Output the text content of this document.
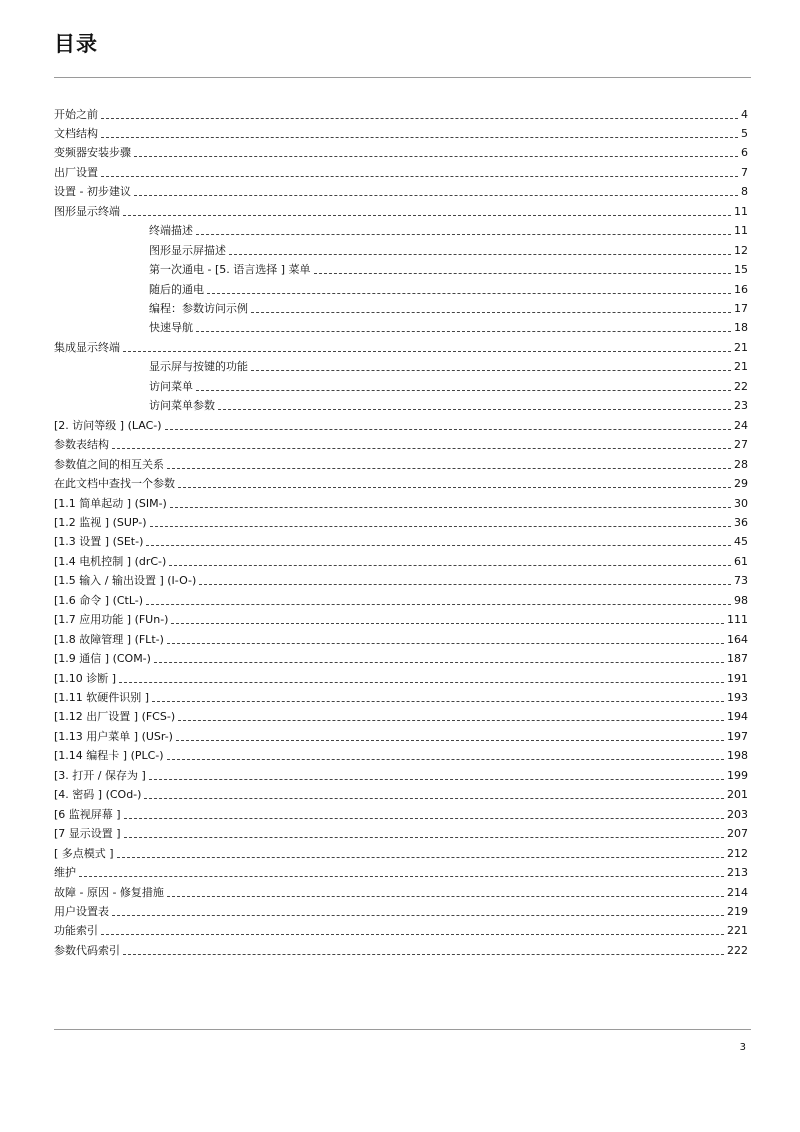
目录
开始之前	4
文档结构	5
变频器安装步骤	6
出厂设置	7
设置 - 初步建议	8
图形显示终端	11
终端描述	11
图形显示屏描述	12
第一次通电 - [5. 语言选择 ] 菜单	15
随后的通电	16
编程：参数访问示例	17
快速导航	18
集成显示终端	21
显示屏与按键的功能	21
访问菜单	22
访问菜单参数	23
[2. 访问等级 ] (LAC-)	24
参数表结构	27
参数值之间的相互关系	28
在此文档中查找一个参数	29
[1.1 简单起动 ] (SIM-)	30
[1.2 监视 ] (SUP-)	36
[1.3 设置 ] (SEt-)	45
[1.4 电机控制 ] (drC-)	61
[1.5 输入 / 输出设置 ] (I-O-)	73
[1.6 命令 ] (CtL-)	98
[1.7 应用功能 ] (FUn-)	111
[1.8 故障管理 ] (FLt-)	164
[1.9 通信 ] (COM-)	187
[1.10 诊断 ]	191
[1.11 软硬件识别 ]	193
[1.12 出厂设置 ] (FCS-)	194
[1.13 用户菜单 ] (USr-)	197
[1.14 编程卡 ] (PLC-)	198
[3. 打开 / 保存为 ]	199
[4. 密码 ] (COd-)	201
[6 监视屏幕 ]	203
[7 显示设置 ]	207
[ 多点模式 ]	212
维护	213
故障 - 原因 - 修复措施	214
用户设置表	219
功能索引	221
参数代码索引	222
3
